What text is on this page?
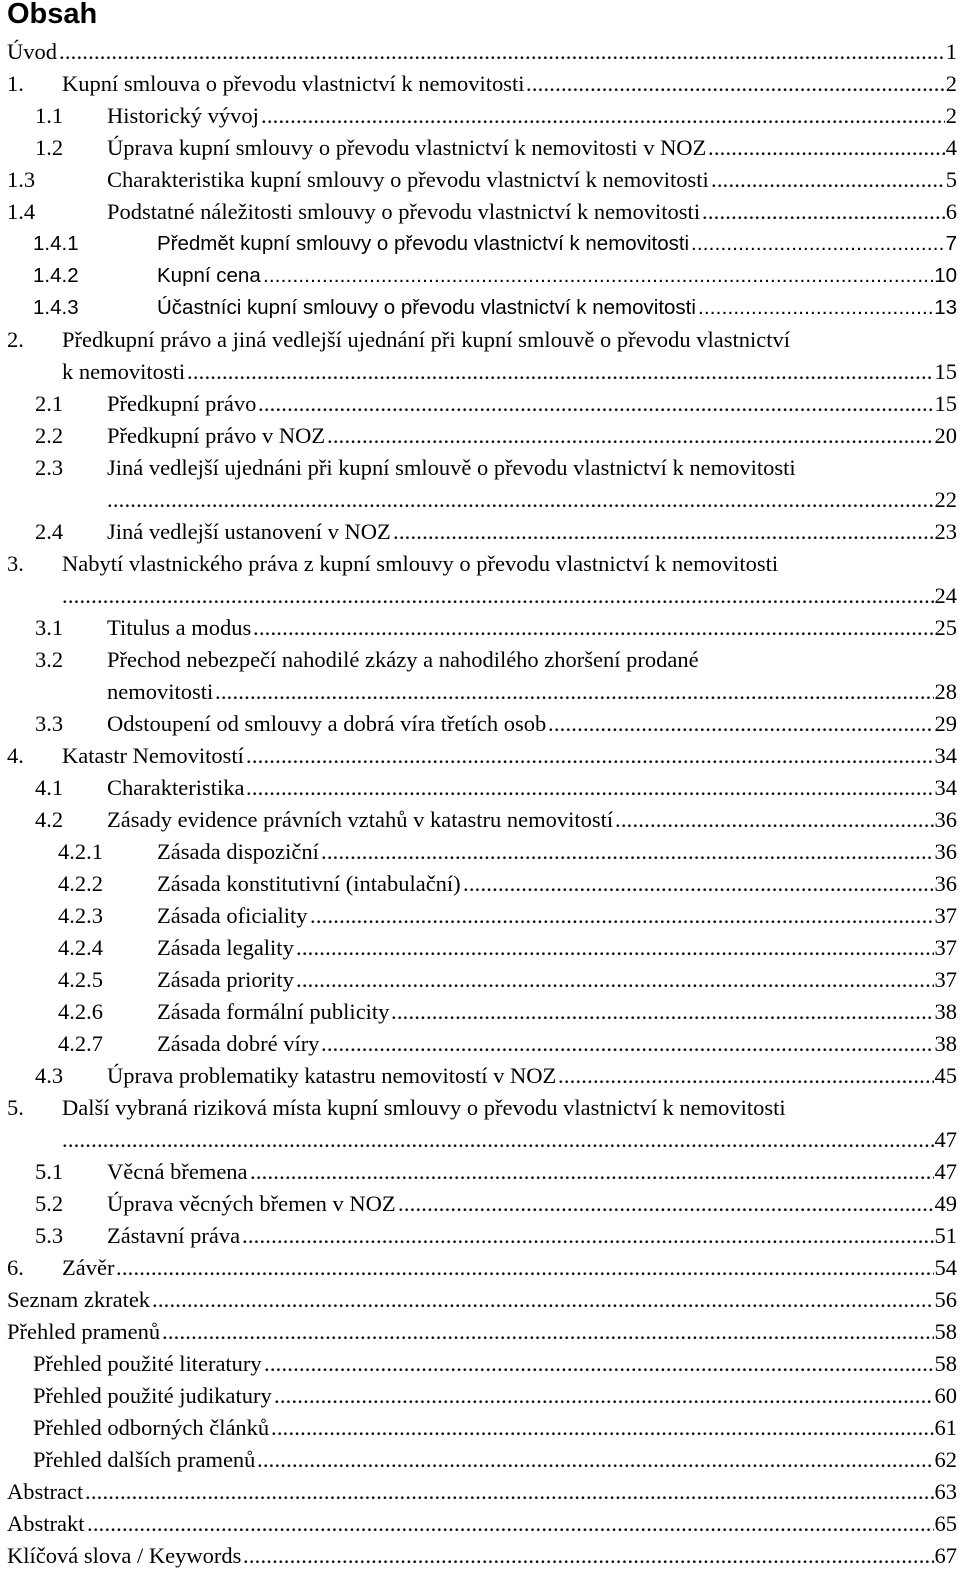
Obsah
.....
Úvod	1
.....
1. Kupní smlouva o převodu vlastnictví k nemovitosti	2
.....
1.1 Historický vývoj	2
.....
1.2 Úprava kupní smlouvy o převodu vlastnictví k nemovitosti v NOZ	4
.....
1.3	Charakteristika kupní smlouvy o převodu vlastnictví k nemovitosti	5
.....
1.4	Podstatné náležitosti smlouvy o převodu vlastnictví k nemovitosti	6
.....
1.4.1	Předmět kupní smlouvy o převodu vlastnictví k nemovitosti	7
.....
1.4.2	Kupní cena	10
.....
1.4.3	Účastníci kupní smlouvy o převodu vlastnictví k nemovitosti	13
2. Předkupní právo a jiná vedlejší ujednání při kupní smlouvě o převodu vlastnictví
.....
k nemovitosti	15
.....
2.1 Předkupní právo	15
.....
2.2 Předkupní právo v NOZ	20
2.3 Jiná vedlejší ujednáni při kupní smlouvě o převodu vlastnictví k nemovitosti
.....
22
.....
2.4 Jiná vedlejší ustanovení v NOZ	23
3. Nabytí vlastnického práva z kupní smlouvy o převodu vlastnictví k nemovitosti
.....
24
.....
3.1 Titulus a modus	25
3.2 Přechod nebezpečí nahodilé zkázy a nahodilého zhoršení prodané
.....
nemovitosti	28
.....
3.3 Odstoupení od smlouvy a dobrá víra třetích osob	29
.....
4. Katastr Nemovitostí	34
.....
4.1 Charakteristika	34
.....
4.2 Zásady evidence právních vztahů v katastru nemovitostí	36
.....
4.2.1 Zásada dispoziční	36
.....
4.2.2 Zásada konstitutivní (intabulační)	36
.....
4.2.3 Zásada oficiality	37
.....
4.2.4 Zásada legality	37
.....
4.2.5 Zásada priority	37
.....
4.2.6 Zásada formální publicity	38
.....
4.2.7 Zásada dobré víry	38
.....
4.3 Úprava problematiky katastru nemovitostí v NOZ	45
5. Další vybraná riziková místa kupní smlouvy o převodu vlastnictví k nemovitosti
.....
47
.....
5.1 Věcná břemena	47
.....
5.2 Úprava věcných břemen v NOZ	49
.....
5.3 Zástavní práva	51
.....
6. Závěr	54
.....
Seznam zkratek	56
.....
Přehled pramenů	58
.....
Přehled použité literatury	58
.....
Přehled použité judikatury	60
.....
Přehled odborných článků	61
.....
Přehled dalších pramenů	62
.....
Abstract	63
.....
Abstrakt	65
.....
Klíčová slova / Keywords	67
